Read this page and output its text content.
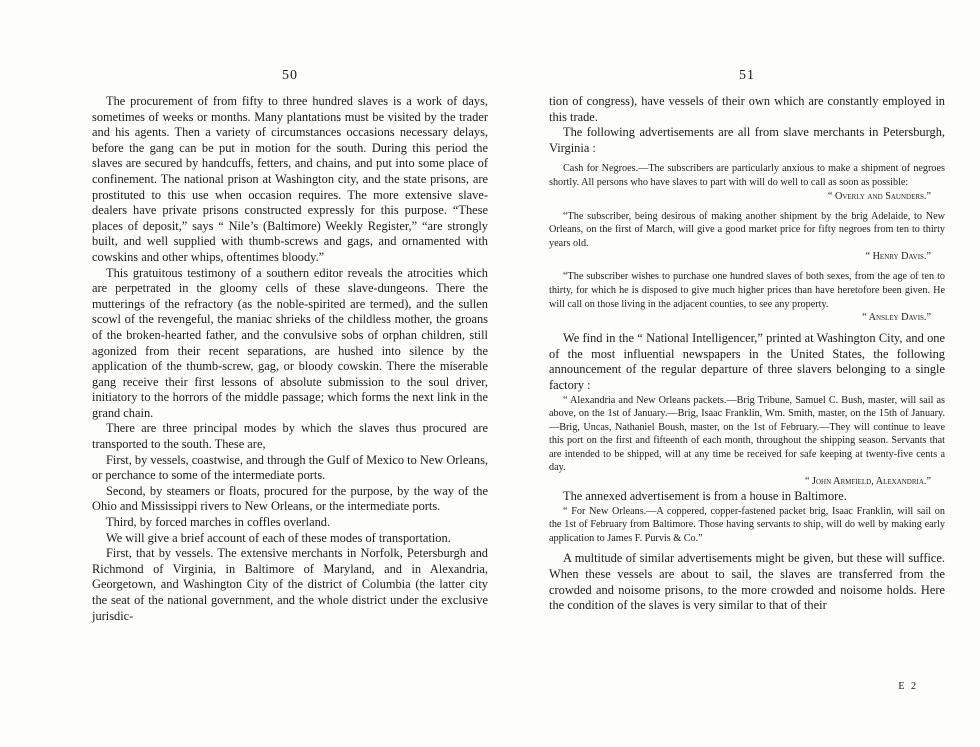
50

The procurement of from fifty to three hundred slaves is a work of days, sometimes of weeks or months. Many plantations must be visited by the trader and his agents. Then a variety of circumstances occasions necessary delays, before the gang can be put in motion for the south. During this period the slaves are secured by handcuffs, fetters, and chains, and put into some place of confinement. The national prison at Washington city, and the state prisons, are prostituted to this use when occasion requires. The more extensive slave-dealers have private prisons constructed expressly for this purpose. “These places of deposit,” says “ Nile’s (Baltimore) Weekly Register,” “are strongly built, and well supplied with thumb-screws and gags, and ornamented with cowskins and other whips, oftentimes bloody.”

This gratuitous testimony of a southern editor reveals the atrocities which are perpetrated in the gloomy cells of these slave-dungeons. There the mutterings of the refractory (as the noble-spirited are termed), and the sullen scowl of the revengeful, the maniac shrieks of the childless mother, the groans of the broken-hearted father, and the convulsive sobs of orphan children, still agonized from their recent separations, are hushed into silence by the application of the thumb-screw, gag, or bloody cowskin. There the miserable gang receive their first lessons of absolute submission to the soul driver, initiatory to the horrors of the middle passage; which forms the next link in the grand chain.

There are three principal modes by which the slaves thus procured are transported to the south. These are,

First, by vessels, coastwise, and through the Gulf of Mexico to New Orleans, or perchance to some of the intermediate ports.

Second, by steamers or floats, procured for the purpose, by the way of the Ohio and Mississippi rivers to New Orleans, or the intermediate ports.

Third, by forced marches in coffles overland.

We will give a brief account of each of these modes of transportation.

First, that by vessels. The extensive merchants in Norfolk, Petersburgh and Richmond of Virginia, in Baltimore of Maryland, and in Alexandria, Georgetown, and Washington City of the district of Columbia (the latter city the seat of the national government, and the whole district under the exclusive jurisdic-

51

tion of congress), have vessels of their own which are constantly employed in this trade.

The following advertisements are all from slave merchants in Petersburgh, Virginia :

Cash for Negroes.—The subscribers are particularly anxious to make a shipment of negroes shortly. All persons who have slaves to part with will do well to call as soon as possible:

“ Overly and Saunders.”

“The subscriber, being desirous of making another shipment by the brig Adelaide, to New Orleans, on the first of March, will give a good market price for fifty negroes from ten to thirty years old.

“ Henry Davis.”

“The subscriber wishes to purchase one hundred slaves of both sexes, from the age of ten to thirty, for which he is disposed to give much higher prices than have heretofore been given. He will call on those living in the adjacent counties, to see any property.

“ Ansley Davis.”

We find in the “ National Intelligencer,” printed at Washington City, and one of the most influential newspapers in the United States, the following announcement of the regular departure of three slavers belonging to a single factory :

“ Alexandria and New Orleans packets.—Brig Tribune, Samuel C. Bush, master, will sail as above, on the 1st of January.—Brig, Isaac Franklin, Wm. Smith, master, on the 15th of January.—Brig, Uncas, Nathaniel Boush, master, on the 1st of February.—They will continue to leave this port on the first and fifteenth of each month, throughout the shipping season. Servants that are intended to be shipped, will at any time be received for safe keeping at twenty-five cents a day.

“ John Armfield, Alexandria.”

The annexed advertisement is from a house in Baltimore.

“ For New Orleans.—A coppered, copper-fastened packet brig, Isaac Franklin, will sail on the 1st of February from Baltimore. Those having servants to ship, will do well by making early application to James F. Purvis & Co.”

A multitude of similar advertisements might be given, but these will suffice. When these vessels are about to sail, the slaves are transferred from the crowded and noisome prisons, to the more crowded and noisome holds. Here the condition of the slaves is very similar to that of their

E 2
